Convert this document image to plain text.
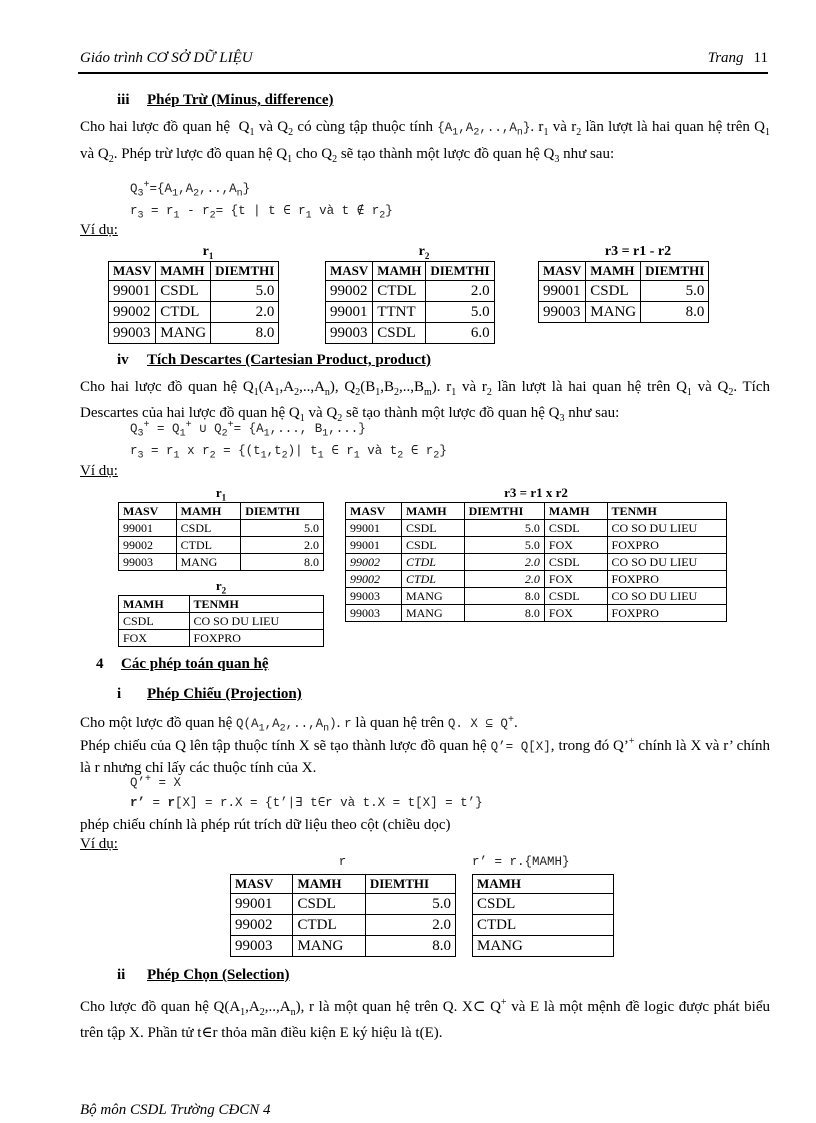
Giáo trình CƠ SỞ DỮ LIỆU	Trang 11
iii Phép Trừ (Minus, difference)
Cho hai lược đồ quan hệ  $Q_1$ và $Q_2$ có cùng tập thuộc tính $\{A_1,A_2,..,A_n\}$. $r_1$ và $r_2$ lần lượt là hai quan hệ trên $Q_1$ và $Q_2$. Phép trừ lược đồ quan hệ $Q_1$ cho $Q_2$ sẽ tạo thành một lược đồ quan hệ $Q_3$ như sau:
$Q_3^+=\{A_1,A_2,..,A_n\}$
$r_3 = r_1 - r_2= \{t$ | t ∈ $r_1$ và t ∉ $r_2$}
Ví dụ:
$r_1$
MASV	MAMH	DIEMTHI
99001	CSDL	5.0
99002	CTDL	2.0
99003	MANG	8.0
$r_2$
MASV	MAMH	DIEMTHI
99002	CTDL	2.0
99001	TTNT	5.0
99003	CSDL	6.0
r3 = r1 - r2
MASV	MAMH	DIEMTHI
99001	CSDL	5.0
99003	MANG	8.0
iv Tích Descartes (Cartesian Product, product)
Cho hai lược đồ quan hệ $Q_1(A_1,A_2,..,A_n)$, $Q_2(B_1,B_2,..,B_m)$. $r_1$ và $r_2$ lần lượt là hai quan hệ trên $Q_1$ và $Q_2$. Tích Descartes của hai lược đồ quan hệ $Q_1$ và $Q_2$ sẽ tạo thành một lược đồ quan hệ $Q_3$ như sau:
$Q_3^+ = Q_1^+$ ∪ $Q_2^+= \{A_1$,..., $B_1$,...}
$r_3 = r_1$ x $r_2 = \{(t_1,t_2)|$ $t_1$ ∈ $r_1$ và $t_2$ ∈ $r_2$}
Ví dụ:
$r_1$
MASV	MAMH	DIEMTHI
99001	CSDL	5.0
99002	CTDL	2.0
99003	MANG	8.0
$r_2$
MAMH	TENMH
CSDL	CO SO DU LIEU
FOX	FOXPRO
r3 = r1 x r2
MASV	MAMH	DIEMTHI	MAMH	TENMH
99001	CSDL	5.0	CSDL	CO SO DU LIEU
99001	CSDL	5.0	FOX	FOXPRO
99002	CTDL	2.0	CSDL	CO SO DU LIEU
99002	CTDL	2.0	FOX	FOXPRO
99003	MANG	8.0	CSDL	CO SO DU LIEU
99003	MANG	8.0	FOX	FOXPRO
4 Các phép toán quan hệ
i Phép Chiếu (Projection)
Cho một lược đồ quan hệ $Q(A_1,A_2,..,A_n)$. r là quan hệ trên Q. X ⊆ Q+.
Phép chiếu của Q lên tập thuộc tính X sẽ tạo thành lược đồ quan hệ Q’= Q[X], trong đó Q’+ chính là X và r’ chính là r nhưng chỉ lấy các thuộc tính của X.
Q’+ = X
r’ = r[X] = r.X = {t’|∃ t∈r và t.X = t[X] = t’}
phép chiếu chính là phép rút trích dữ liệu theo cột (chiều dọc)
Ví dụ:
r
MASV	MAMH	DIEMTHI
99001	CSDL	5.0
99002	CTDL	2.0
99003	MANG	8.0
r’ = r.{MAMH}
MAMH
CSDL
CTDL
MANG
ii Phép Chọn (Selection)
Cho lược đồ quan hệ $Q(A_1,A_2,..,A_n)$, r là một quan hệ trên Q. X⊂ Q+ và E là một mệnh đề logic được phát biểu trên tập X. Phần tử t∈r thỏa mãn điều kiện E ký hiệu là t(E).
Bộ môn CSDL Trường CĐCN 4
